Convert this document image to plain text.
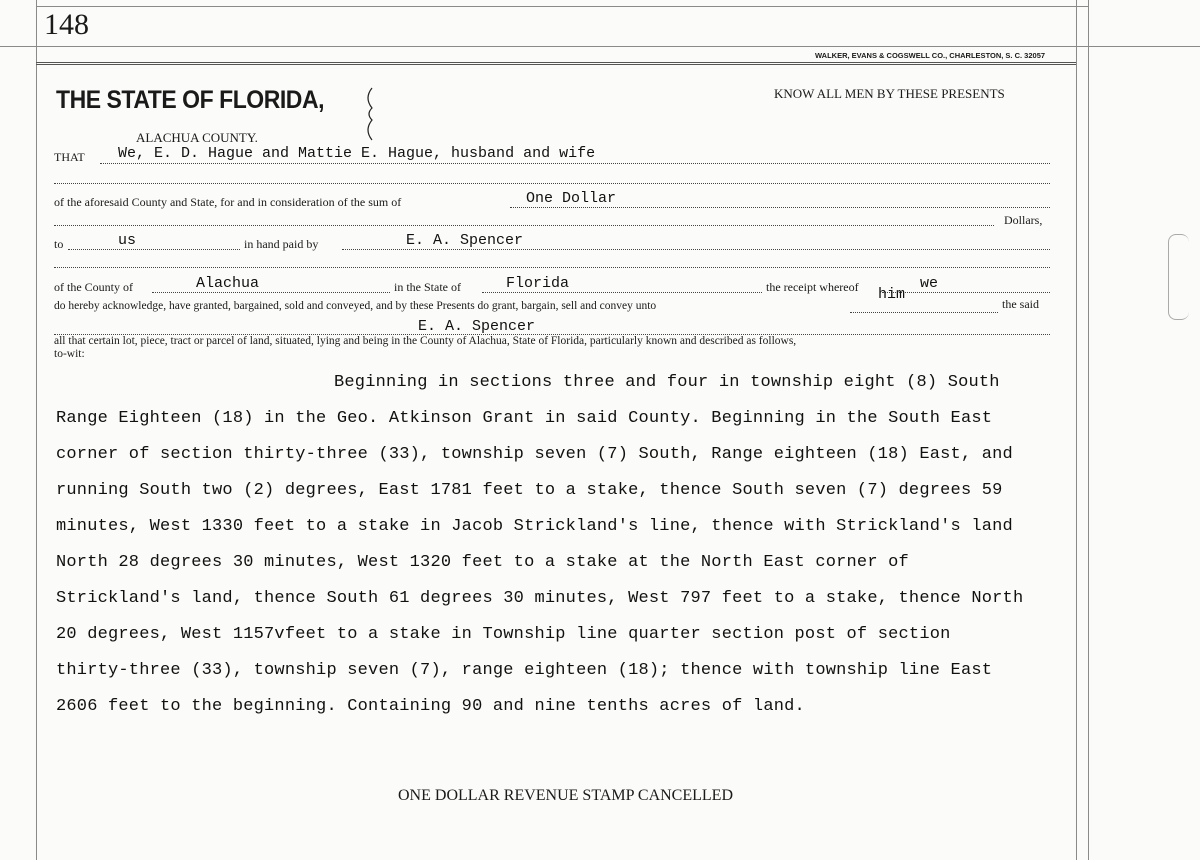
148
WALKER, EVANS & COGSWELL CO., CHARLESTON, S. C. 32057
THE STATE OF FLORIDA,
ALACHUA COUNTY.
KNOW ALL MEN BY THESE PRESENTS
THAT We, E. D. Hague and Mattie E. Hague, husband and wife
of the aforesaid County and State, for and in consideration of the sum of	One Dollar
Dollars,
to	us	in hand paid by	E. A. Spencer
of the County of	Alachua	in the State of	Florida	the receipt whereof	we
do hereby acknowledge, have granted, bargained, sold and conveyed, and by these Presents do grant, bargain, sell and convey unto
him
the said
E. A. Spencer
all that certain lot, piece, tract or parcel of land, situated, lying and being in the County of Alachua, State of Florida, particularly known and described as follows,
to-wit:
Beginning in sections three and four in township eight (8) South
Range Eighteen (18) in the Geo. Atkinson Grant in said County. Beginning in the South East
corner of section thirty-three (33), township seven (7) South, Range eighteen (18) East, and
running South two (2) degrees, East 1781 feet to a stake, thence South seven (7) degrees 59
minutes, West 1330 feet to a stake in Jacob Strickland's line, thence with Strickland's land
North 28 degrees 30 minutes, West 1320 feet to a stake at the North East corner of
Strickland's land, thence South 61 degrees 30 minutes, West 797 feet to a stake, thence North
20 degrees, West 1157vfeet to a stake in Township line quarter section post of section
thirty-three (33), township seven (7), range eighteen (18); thence with township line East
2606 feet to the beginning. Containing 90 and nine tenths acres of land.
ONE DOLLAR REVENUE STAMP CANCELLED
